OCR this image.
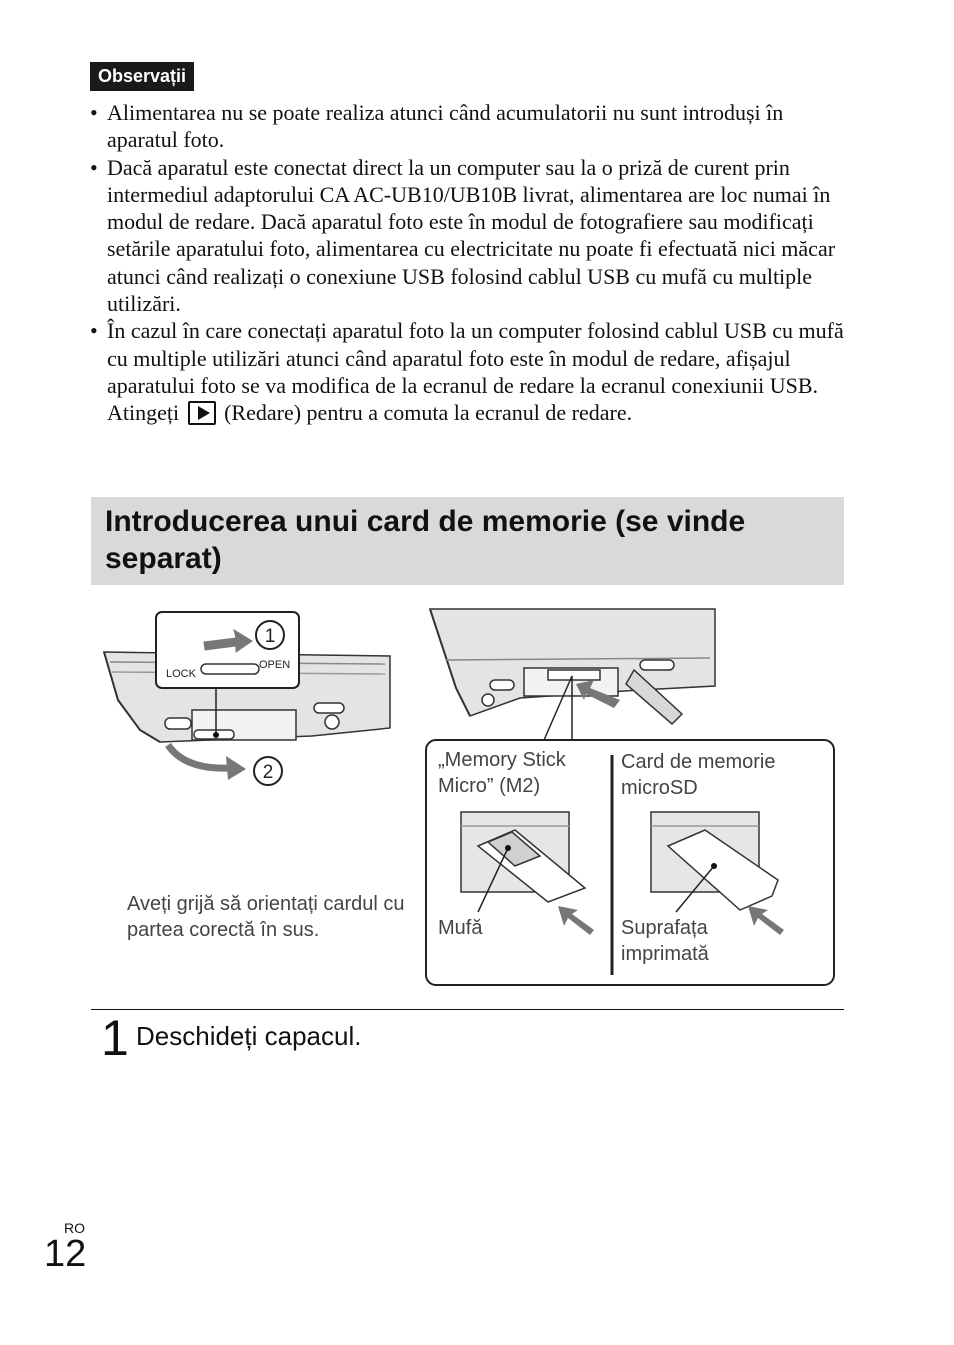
Observații
• Alimentarea nu se poate realiza atunci când acumulatorii nu sunt introduși în aparatul foto.
• Dacă aparatul este conectat direct la un computer sau la o priză de curent prin intermediul adaptorului CA AC-UB10/UB10B livrat, alimentarea are loc numai în modul de redare. Dacă aparatul foto este în modul de fotografiere sau modificați setările aparatului foto, alimentarea cu electricitate nu poate fi efectuată nici măcar atunci când realizați o conexiune USB folosind cablul USB cu mufă cu multiple utilizări.
• În cazul în care conectați aparatul foto la un computer folosind cablul USB cu mufă cu multiple utilizări atunci când aparatul foto este în modul de redare, afișajul aparatului foto se va modifica de la ecranul de redare la ecranul conexiunii USB. Atingeți (Redare) pentru a comuta la ecranul de redare.
Introducerea unui card de memorie (se vinde separat)
LOCK
OPEN
1
2
Aveți grijă să orientați cardul cu partea corectă în sus.
„Memory Stick Micro” (M2)
Mufă
Card de memorie microSD
Suprafața imprimată
1 Deschideți capacul.
RO
12
